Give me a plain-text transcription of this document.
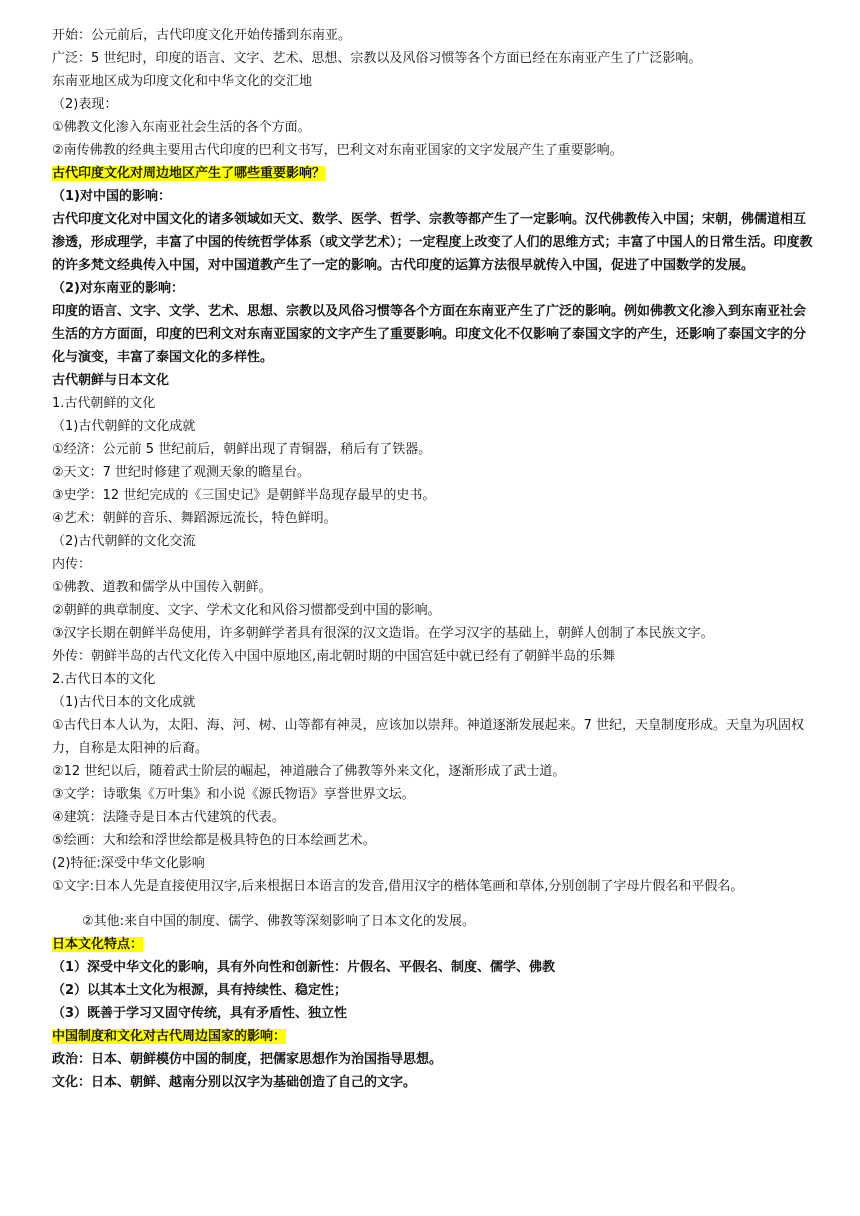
开始：公元前后，古代印度文化开始传播到东南亚。
广泛：5 世纪时，印度的语言、文字、艺术、思想、宗教以及风俗习惯等各个方面已经在东南亚产生了广泛影响。
东南亚地区成为印度文化和中华文化的交汇地
（2)表现：
①佛教文化渗入东南亚社会生活的各个方面。
②南传佛教的经典主要用古代印度的巴利文书写，巴利文对东南亚国家的文字发展产生了重要影响。
古代印度文化对周边地区产生了哪些重要影响？
（1)对中国的影响：
古代印度文化对中国文化的诸多领域如天文、数学、医学、哲学、宗教等都产生了一定影响。汉代佛教传入中国；宋朝，佛儒道相互渗透，形成理学，丰富了中国的传统哲学体系（或文学艺术）；一定程度上改变了人们的思维方式；丰富了中国人的日常生活。印度教的许多梵文经典传入中国，对中国道教产生了一定的影响。古代印度的运算方法很早就传入中国，促进了中国数学的发展。
（2)对东南亚的影响：
印度的语言、文字、文学、艺术、思想、宗教以及风俗习惯等各个方面在东南亚产生了广泛的影响。例如佛教文化渗入到东南亚社会生活的方方面面，印度的巴利文对东南亚国家的文字产生了重要影响。印度文化不仅影响了泰国文字的产生，还影响了泰国文字的分化与演变，丰富了泰国文化的多样性。
古代朝鲜与日本文化
1.古代朝鲜的文化
（1)古代朝鲜的文化成就
①经济：公元前 5 世纪前后，朝鲜出现了青铜器，稍后有了铁器。
②天文：7 世纪时修建了观测天象的瞻星台。
③史学：12 世纪完成的《三国史记》是朝鲜半岛现存最早的史书。
④艺术：朝鲜的音乐、舞蹈源远流长，特色鲜明。
（2)古代朝鲜的文化交流
内传：
①佛教、道教和儒学从中国传入朝鲜。
②朝鲜的典章制度、文字、学术文化和风俗习惯都受到中国的影响。
③汉字长期在朝鲜半岛使用，许多朝鲜学者具有很深的汉文造诣。在学习汉字的基础上，朝鲜人创制了本民族文字。
外传：朝鲜半岛的古代文化传入中国中原地区,南北朝时期的中国宫廷中就已经有了朝鲜半岛的乐舞
2.古代日本的文化
（1)古代日本的文化成就
①古代日本人认为，太阳、海、河、树、山等都有神灵，应该加以崇拜。神道逐渐发展起来。7 世纪，天皇制度形成。天皇为巩固权力，自称是太阳神的后裔。
②12 世纪以后，随着武士阶层的崛起，神道融合了佛教等外来文化，逐渐形成了武士道。
③文学：诗歌集《万叶集》和小说《源氏物语》享誉世界文坛。
④建筑：法隆寺是日本古代建筑的代表。
⑤绘画：大和绘和浮世绘都是极具特色的日本绘画艺术。
(2)特征:深受中华文化影响
①文字:日本人先是直接使用汉字,后来根据日本语言的发音,借用汉字的楷体笔画和草体,分别创制了字母片假名和平假名。
②其他:来自中国的制度、儒学、佛教等深刻影响了日本文化的发展。
日本文化特点：
（1）深受中华文化的影响，具有外向性和创新性：片假名、平假名、制度、儒学、佛教
（2）以其本土文化为根源，具有持续性、稳定性；
（3）既善于学习又固守传统，具有矛盾性、独立性
中国制度和文化对古代周边国家的影响：
政治：日本、朝鲜模仿中国的制度，把儒家思想作为治国指导思想。
文化：日本、朝鲜、越南分别以汉字为基础创造了自己的文字。
